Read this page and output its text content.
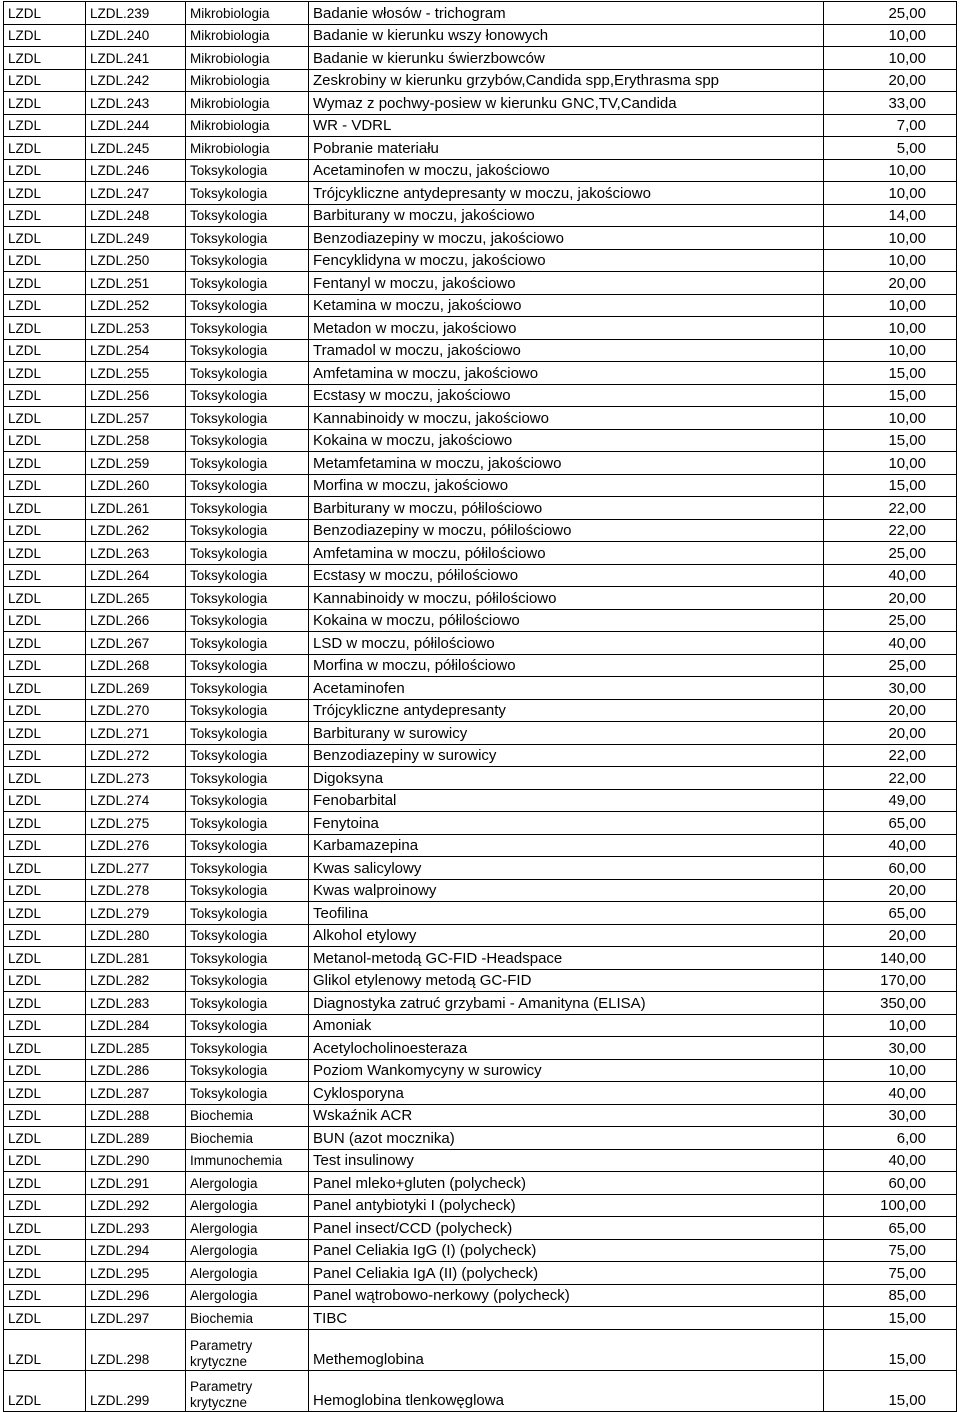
LZDL	LZDL.239	Mikrobiologia	Badanie włosów - trichogram	25,00
LZDL	LZDL.240	Mikrobiologia	Badanie w kierunku wszy łonowych	10,00
LZDL	LZDL.241	Mikrobiologia	Badanie w kierunku świerzbowców	10,00
LZDL	LZDL.242	Mikrobiologia	Zeskrobiny w kierunku grzybów,Candida spp,Erythrasma spp	20,00
LZDL	LZDL.243	Mikrobiologia	Wymaz z pochwy-posiew w kierunku GNC,TV,Candida	33,00
LZDL	LZDL.244	Mikrobiologia	WR - VDRL	7,00
LZDL	LZDL.245	Mikrobiologia	Pobranie materiału	5,00
LZDL	LZDL.246	Toksykologia	Acetaminofen w moczu, jakościowo	10,00
LZDL	LZDL.247	Toksykologia	Trójcykliczne antydepresanty w moczu, jakościowo	10,00
LZDL	LZDL.248	Toksykologia	Barbiturany w moczu, jakościowo	14,00
LZDL	LZDL.249	Toksykologia	Benzodiazepiny w moczu, jakościowo	10,00
LZDL	LZDL.250	Toksykologia	Fencyklidyna w moczu, jakościowo	10,00
LZDL	LZDL.251	Toksykologia	Fentanyl w moczu, jakościowo	20,00
LZDL	LZDL.252	Toksykologia	Ketamina w moczu, jakościowo	10,00
LZDL	LZDL.253	Toksykologia	Metadon w moczu, jakościowo	10,00
LZDL	LZDL.254	Toksykologia	Tramadol w moczu, jakościowo	10,00
LZDL	LZDL.255	Toksykologia	Amfetamina w moczu, jakościowo	15,00
LZDL	LZDL.256	Toksykologia	Ecstasy w moczu, jakościowo	15,00
LZDL	LZDL.257	Toksykologia	Kannabinoidy w moczu, jakościowo	10,00
LZDL	LZDL.258	Toksykologia	Kokaina w moczu, jakościowo	15,00
LZDL	LZDL.259	Toksykologia	Metamfetamina w moczu, jakościowo	10,00
LZDL	LZDL.260	Toksykologia	Morfina w moczu, jakościowo	15,00
LZDL	LZDL.261	Toksykologia	Barbiturany w moczu, półilościowo	22,00
LZDL	LZDL.262	Toksykologia	Benzodiazepiny w moczu, półilościowo	22,00
LZDL	LZDL.263	Toksykologia	Amfetamina w moczu, półilościowo	25,00
LZDL	LZDL.264	Toksykologia	Ecstasy w moczu, półilościowo	40,00
LZDL	LZDL.265	Toksykologia	Kannabinoidy w moczu, półilościowo	20,00
LZDL	LZDL.266	Toksykologia	Kokaina w moczu, półilościowo	25,00
LZDL	LZDL.267	Toksykologia	LSD w moczu, półilościowo	40,00
LZDL	LZDL.268	Toksykologia	Morfina w moczu, półilościowo	25,00
LZDL	LZDL.269	Toksykologia	Acetaminofen	30,00
LZDL	LZDL.270	Toksykologia	Trójcykliczne antydepresanty	20,00
LZDL	LZDL.271	Toksykologia	Barbiturany w surowicy	20,00
LZDL	LZDL.272	Toksykologia	Benzodiazepiny w surowicy	22,00
LZDL	LZDL.273	Toksykologia	Digoksyna	22,00
LZDL	LZDL.274	Toksykologia	Fenobarbital	49,00
LZDL	LZDL.275	Toksykologia	Fenytoina	65,00
LZDL	LZDL.276	Toksykologia	Karbamazepina	40,00
LZDL	LZDL.277	Toksykologia	Kwas salicylowy	60,00
LZDL	LZDL.278	Toksykologia	Kwas walproinowy	20,00
LZDL	LZDL.279	Toksykologia	Teofilina	65,00
LZDL	LZDL.280	Toksykologia	Alkohol etylowy	20,00
LZDL	LZDL.281	Toksykologia	Metanol-metodą GC-FID -Headspace	140,00
LZDL	LZDL.282	Toksykologia	Glikol etylenowy metodą GC-FID	170,00
LZDL	LZDL.283	Toksykologia	Diagnostyka zatruć grzybami - Amanityna (ELISA)	350,00
LZDL	LZDL.284	Toksykologia	Amoniak	10,00
LZDL	LZDL.285	Toksykologia	Acetylocholinoesteraza	30,00
LZDL	LZDL.286	Toksykologia	Poziom Wankomycyny w surowicy	10,00
LZDL	LZDL.287	Toksykologia	Cyklosporyna	40,00
LZDL	LZDL.288	Biochemia	Wskaźnik ACR	30,00
LZDL	LZDL.289	Biochemia	BUN (azot mocznika)	6,00
LZDL	LZDL.290	Immunochemia	Test insulinowy	40,00
LZDL	LZDL.291	Alergologia	Panel mleko+gluten (polycheck)	60,00
LZDL	LZDL.292	Alergologia	Panel antybiotyki I (polycheck)	100,00
LZDL	LZDL.293	Alergologia	Panel insect/CCD (polycheck)	65,00
LZDL	LZDL.294	Alergologia	Panel Celiakia IgG (I) (polycheck)	75,00
LZDL	LZDL.295	Alergologia	Panel Celiakia IgA (II) (polycheck)	75,00
LZDL	LZDL.296	Alergologia	Panel wątrobowo-nerkowy (polycheck)	85,00
LZDL	LZDL.297	Biochemia	TIBC	15,00
LZDL	LZDL.298	Parametry krytyczne	Methemoglobina	15,00
LZDL	LZDL.299	Parametry krytyczne	Hemoglobina tlenkowęglowa	15,00
